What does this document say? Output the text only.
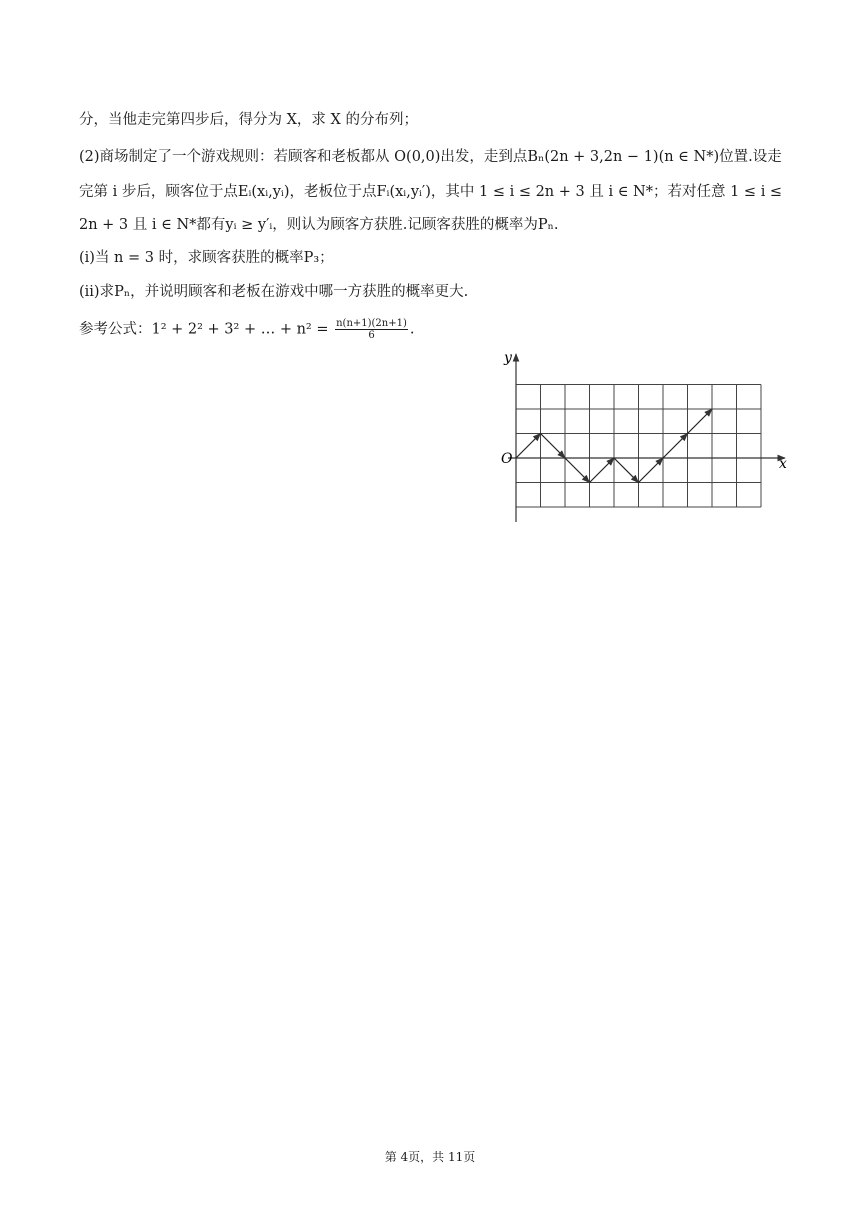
分，当他走完第四步后，得分为 X，求 X 的分布列；
(2)商场制定了一个游戏规则：若顾客和老板都从 O(0,0)出发，走到点Bₙ(2n + 3,2n − 1)(n ∈ N*)位置.设走
完第 i 步后，顾客位于点Eᵢ(xᵢ,yᵢ)，老板位于点Fᵢ(xᵢ,yᵢ′)，其中 1 ≤ i ≤ 2n + 3 且 i ∈ N*；若对任意 1 ≤ i ≤
2n + 3 且 i ∈ N*都有yᵢ ≥ y′ᵢ，则认为顾客方获胜.记顾客获胜的概率为Pₙ.
(i)当 n = 3 时，求顾客获胜的概率P₃；
(ii)求Pₙ，并说明顾客和老板在游戏中哪一方获胜的概率更大.
参考公式：1² + 2² + 3² + … + $n^2 = \frac{n(n+1)(2n+1)}{6}$ .
y
x
O
第 4页，共 11页
